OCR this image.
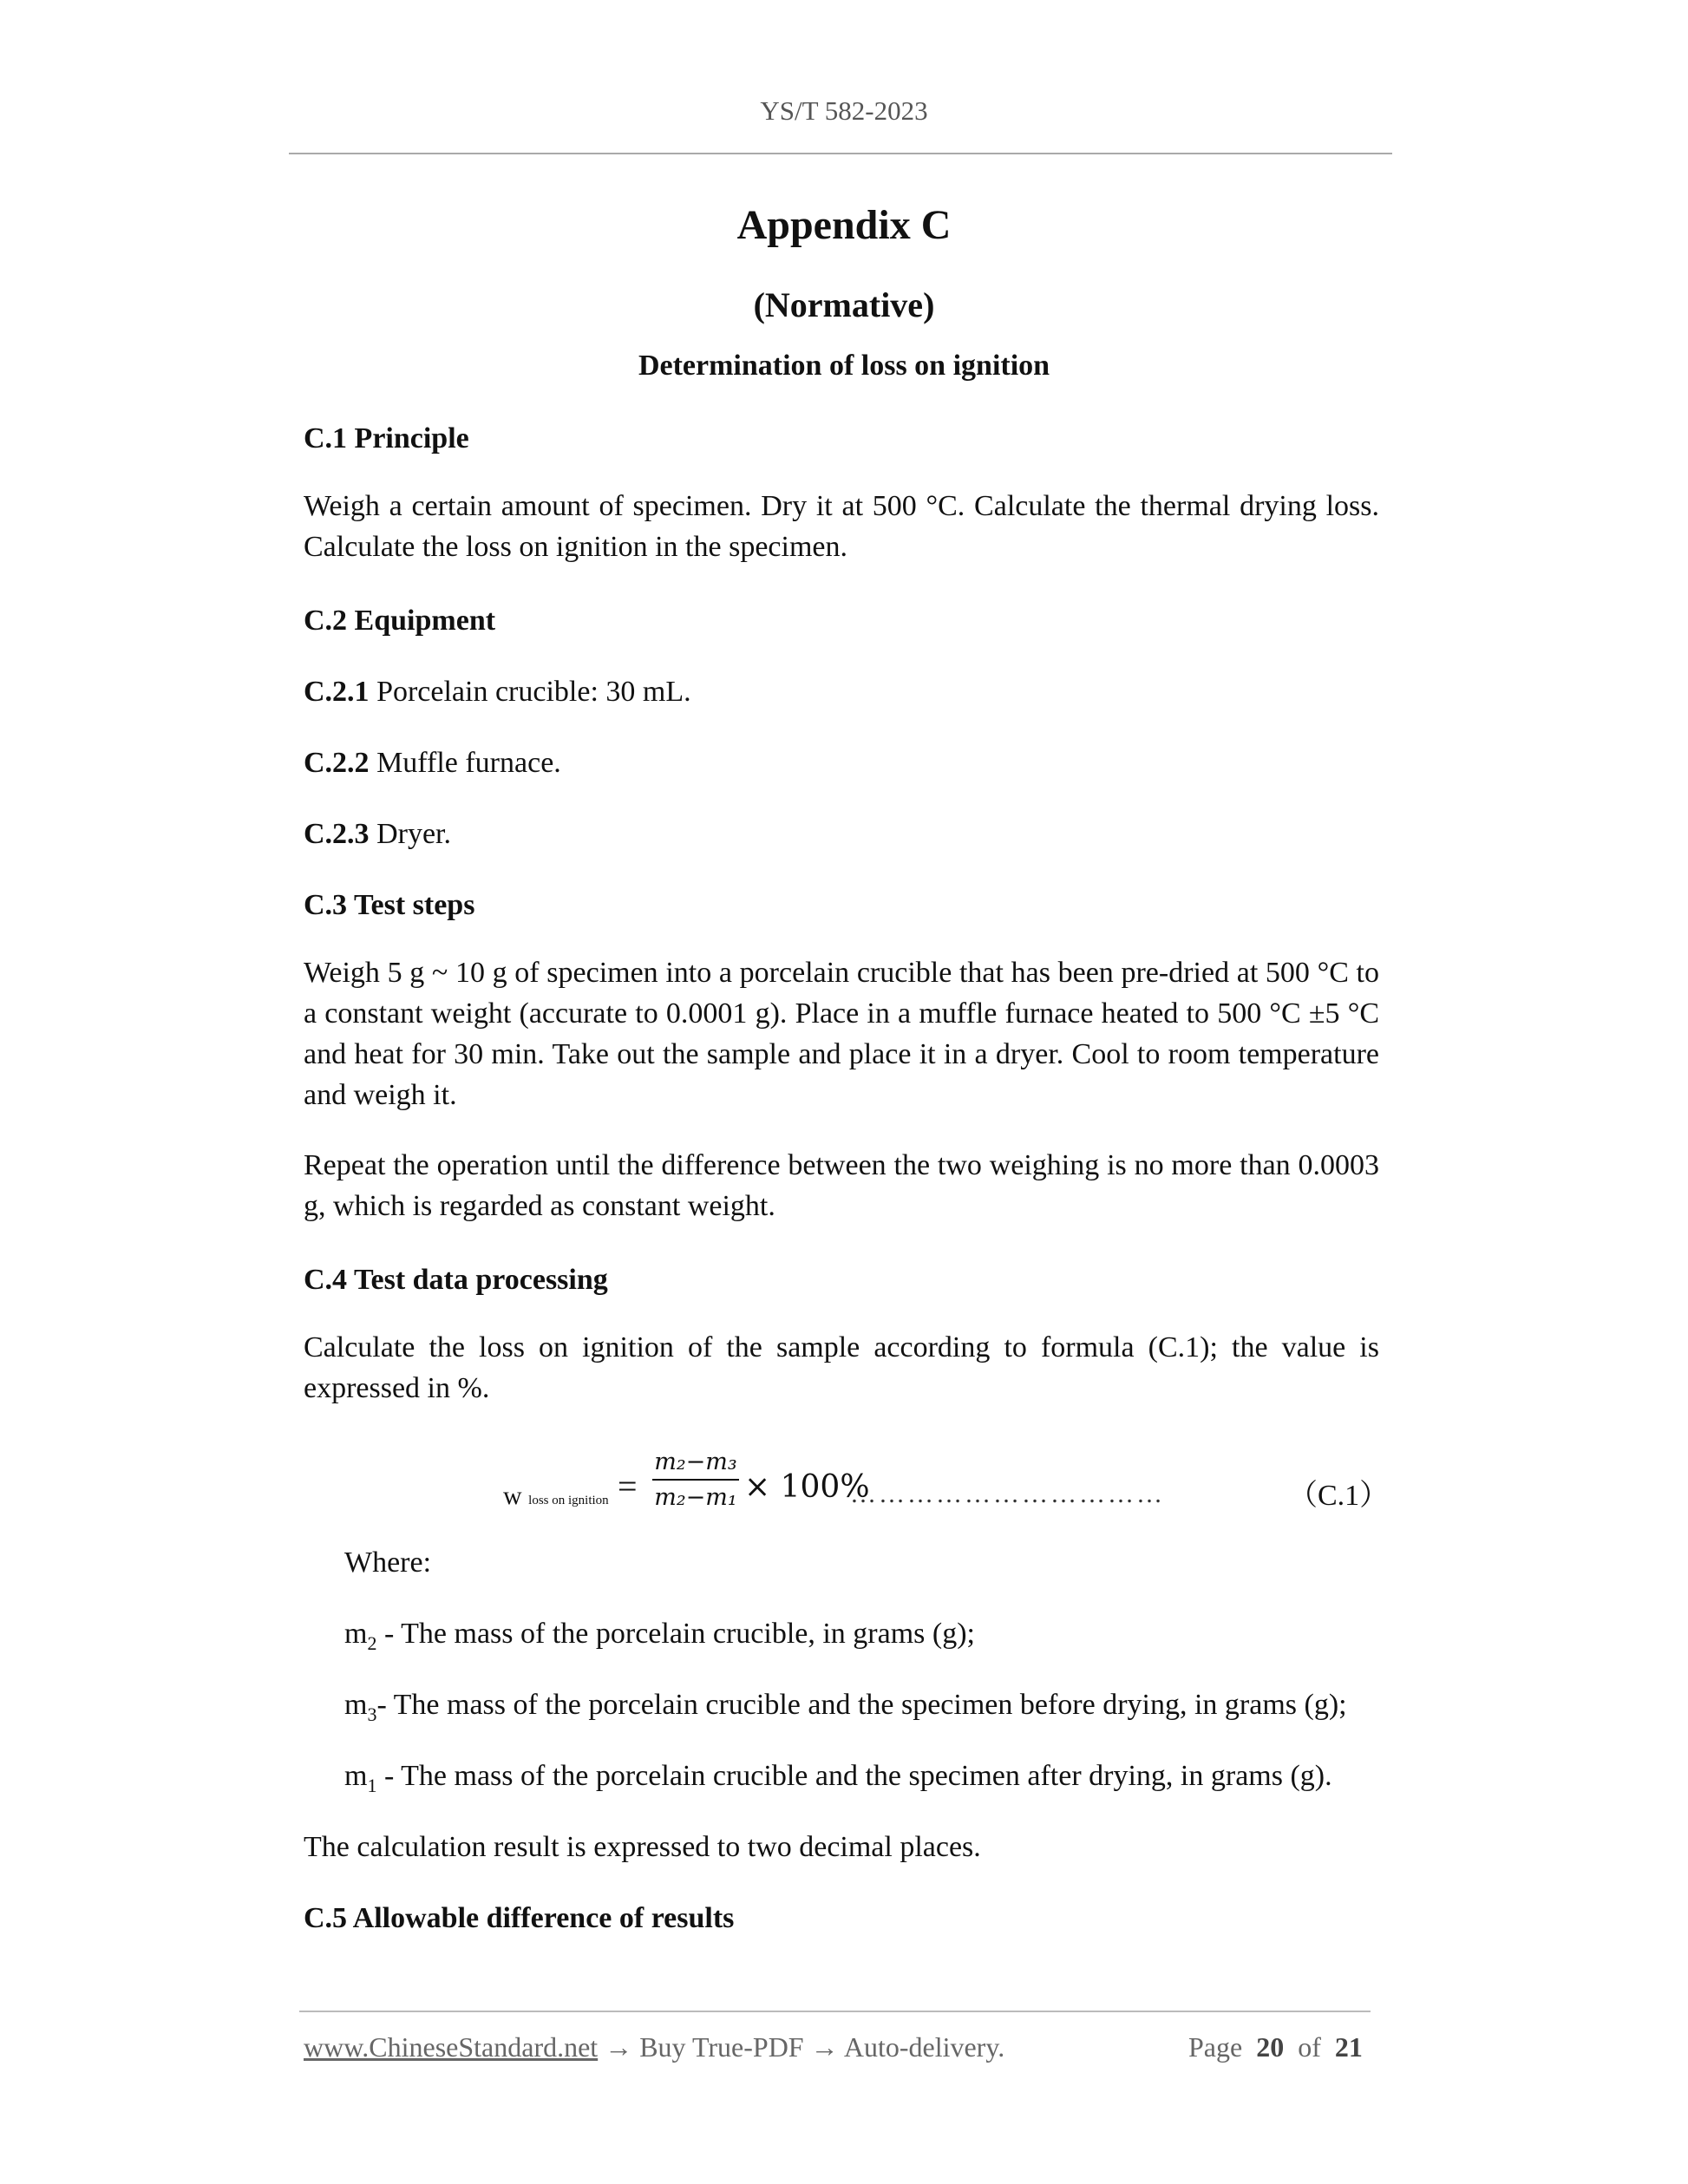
YS/T 582-2023
Appendix C
(Normative)
Determination of loss on ignition
C.1 Principle
Weigh a certain amount of specimen. Dry it at 500 °C. Calculate the thermal drying loss. Calculate the loss on ignition in the specimen.
C.2 Equipment
C.2.1 Porcelain crucible: 30 mL.
C.2.2 Muffle furnace.
C.2.3 Dryer.
C.3 Test steps
Weigh 5 g ~ 10 g of specimen into a porcelain crucible that has been pre-dried at 500 °C to a constant weight (accurate to 0.0001 g). Place in a muffle furnace heated to 500 °C ±5 °C and heat for 30 min. Take out the sample and place it in a dryer. Cool to room temperature and weigh it.
Repeat the operation until the difference between the two weighing is no more than 0.0003 g, which is regarded as constant weight.
C.4 Test data processing
Calculate the loss on ignition of the sample according to formula (C.1); the value is expressed in %.
w loss on ignition = $\frac{\text{m₂−m₃}}{\text{m₂−m₁}} \times 100\%$
……………………………	（C.1）
Where:
$m_2$ - The mass of the porcelain crucible, in grams (g);
$m_3-$ The mass of the porcelain crucible and the specimen before drying, in grams (g);
$m_1$ - The mass of the porcelain crucible and the specimen after drying, in grams (g).
The calculation result is expressed to two decimal places.
C.5 Allowable difference of results
www.ChineseStandard.net → Buy True-PDF → Auto-delivery.	Page 20 of 21
